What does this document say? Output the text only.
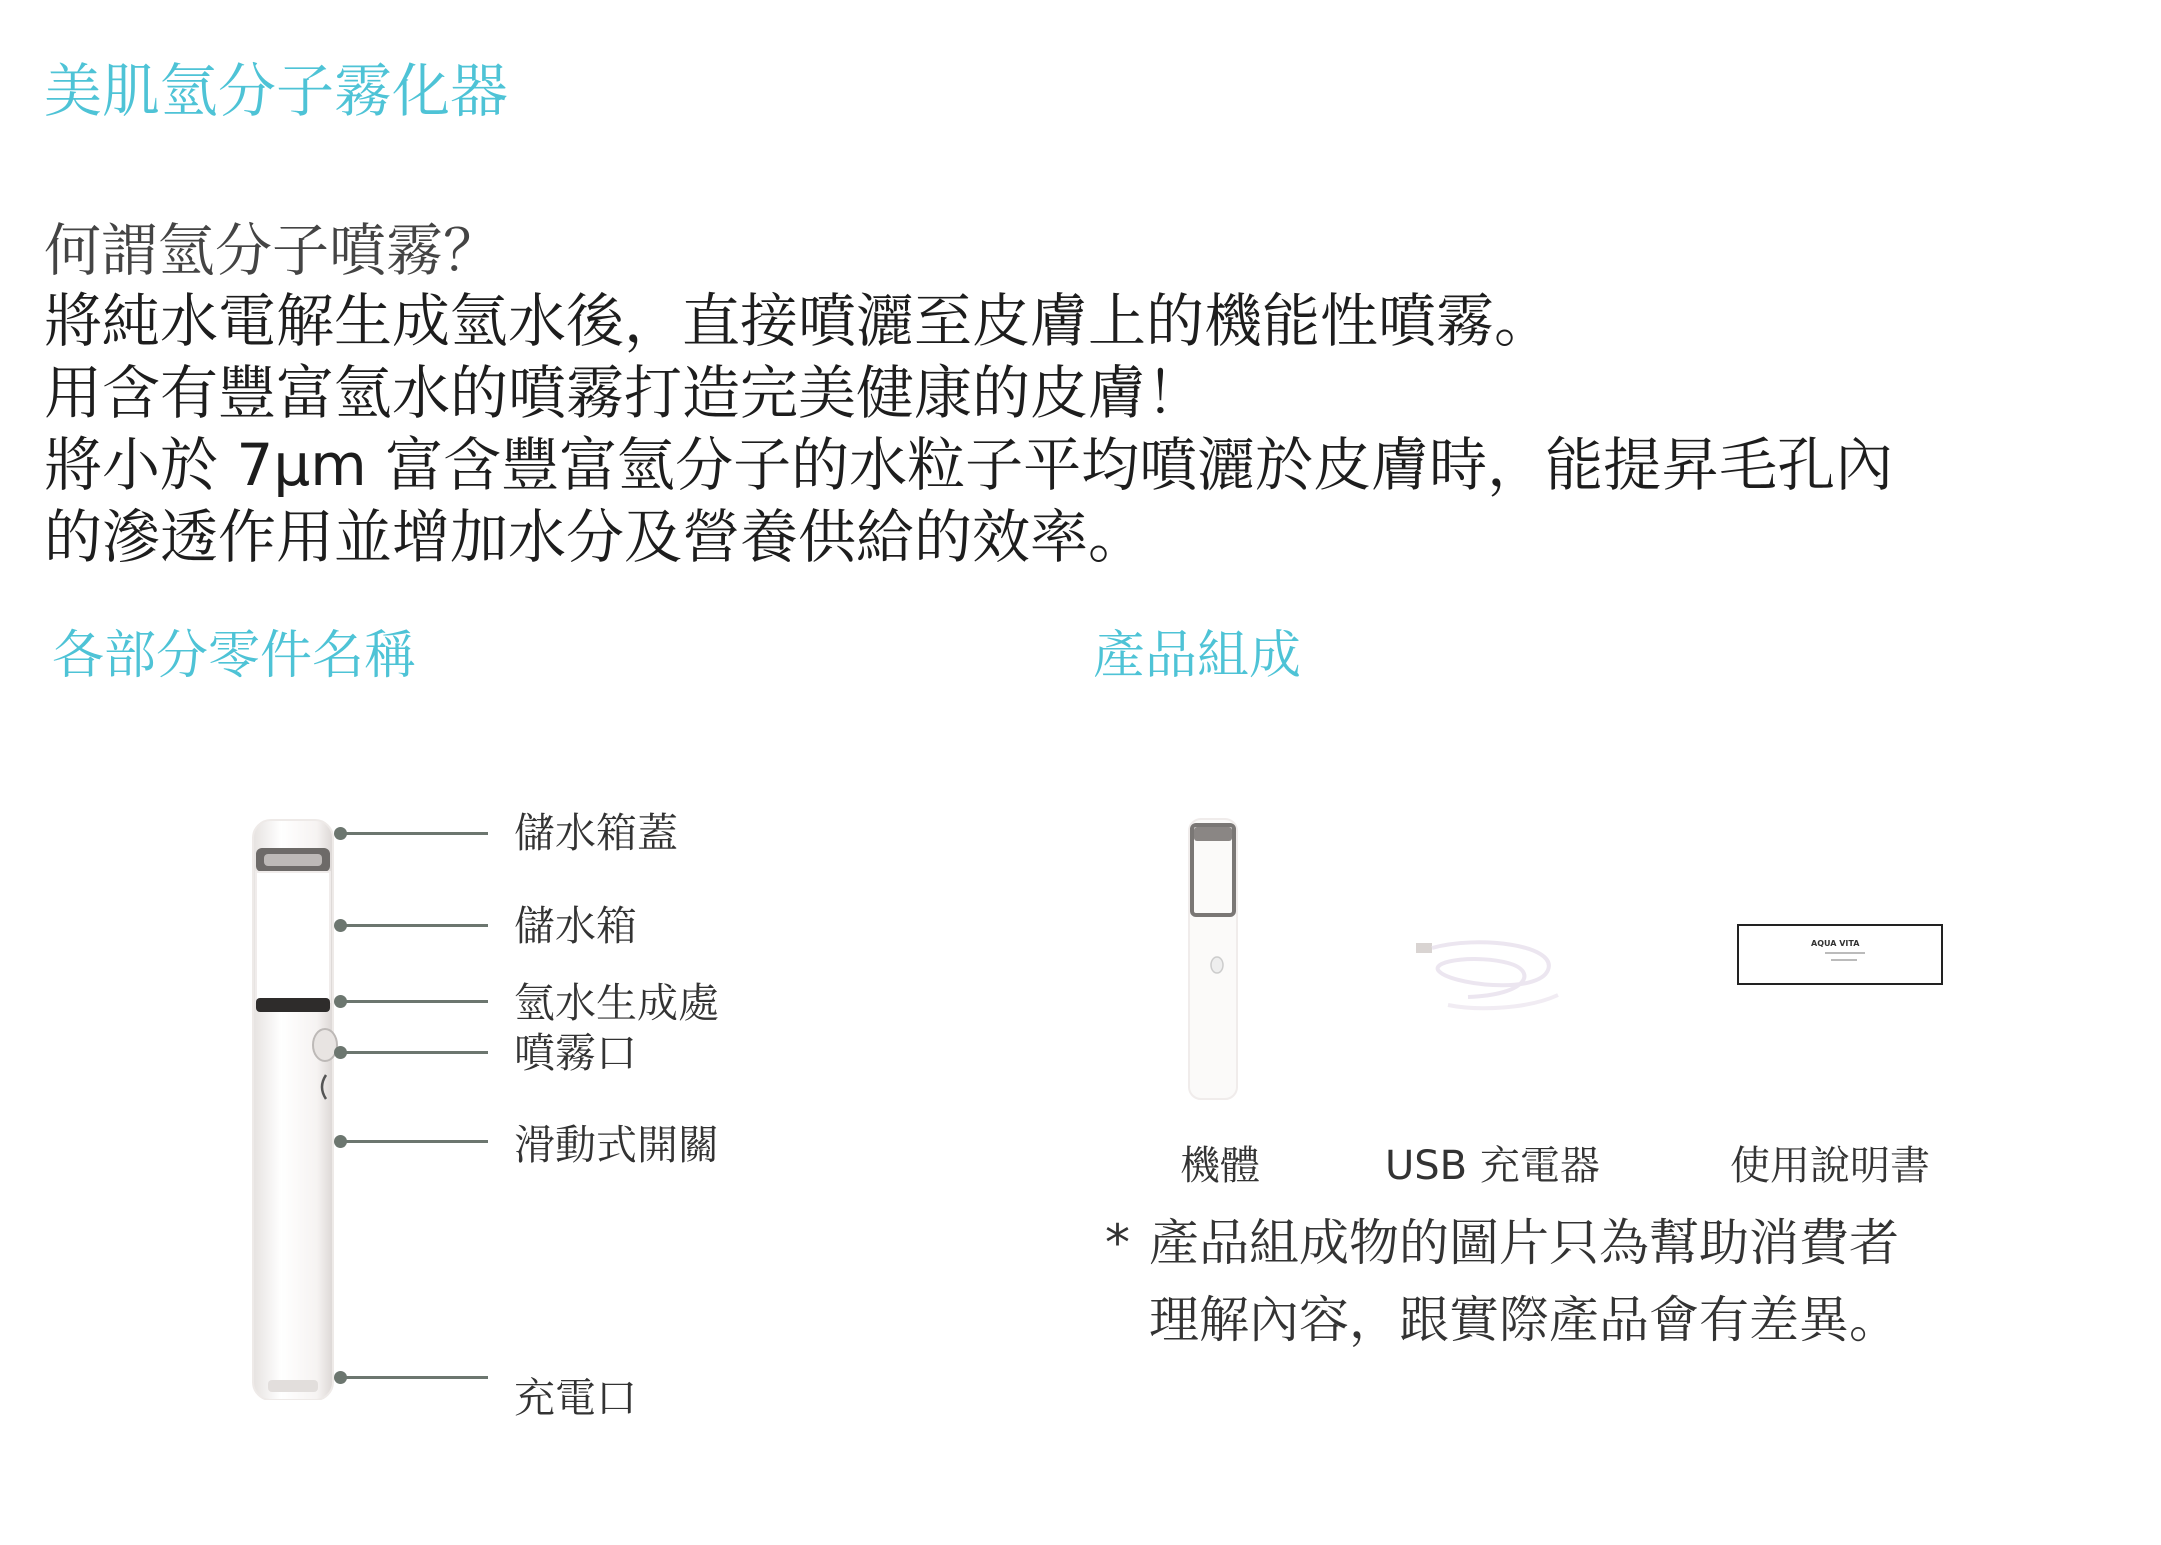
美肌氫分子霧化器
何謂氫分子噴霧？
將純水電解生成氫水後，直接噴灑至皮膚上的機能性噴霧。
用含有豐富氫水的噴霧打造完美健康的皮膚！
將小於 7μm 富含豐富氫分子的水粒子平均噴灑於皮膚時，能提昇毛孔內
的滲透作用並增加水分及營養供給的效率。
各部分零件名稱	產品組成
儲水箱蓋
儲水箱
氫水生成處
噴霧口
滑動式開關
充電口
AQUA VITA
機體	USB 充電器	使用說明書
* 產品組成物的圖片只為幫助消費者
理解內容，跟實際產品會有差異。
